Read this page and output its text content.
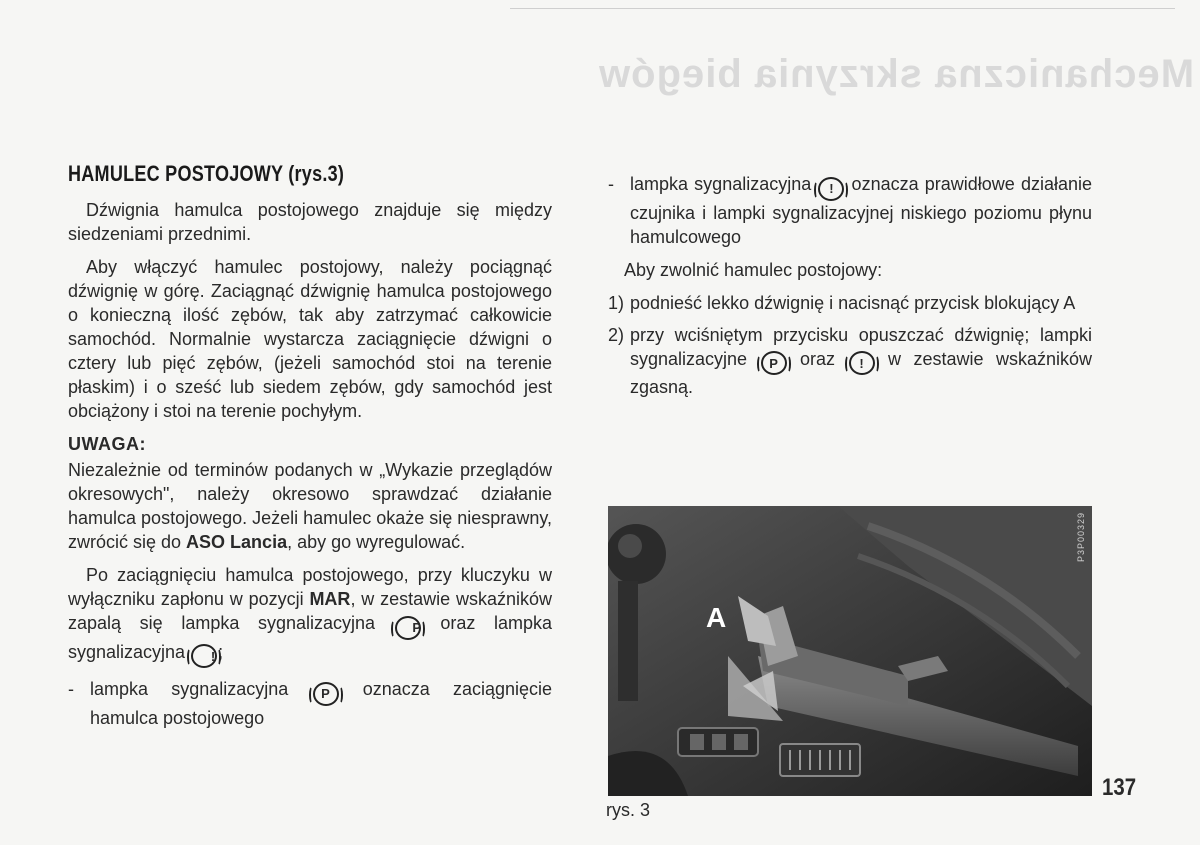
Mechaniczna skrzynia biegów
HAMULEC POSTOJOWY (rys.3)

Dźwignia hamulca postojowego znajduje się między siedzeniami przednimi.

Aby włączyć hamulec postojowy, należy pociągnąć dźwignię w górę. Zaciągnąć dźwignię hamulca postojowego o konieczną ilość zębów, tak aby zatrzymać całkowicie samochód. Normalnie wystarcza zaciągnięcie dźwigni o cztery lub pięć zębów, (jeżeli samochód stoi na terenie płaskim) i o sześć lub siedem zębów, gdy samochód jest obciążony i stoi na terenie pochyłym.

UWAGA:

Niezależnie od terminów podanych w „Wykazie przeglądów okresowych", należy okresowo sprawdzać działanie hamulca postojowego. Jeżeli hamulec okaże się niesprawny, zwrócić się do ASO Lancia, aby go wyregulować.

Po zaciągnięciu hamulca postojowego, przy kluczyku w wyłączniku zapłonu w pozycji MAR, w zestawie wskaźników zapalą się lampka sygnalizacyjna P oraz lampka sygnalizacyjna ! ;

- lampka sygnalizacyjna P oznacza zaciągnięcie hamulca postojowego
- lampka sygnalizacyjna ! oznacza prawidłowe działanie czujnika i lampki sygnalizacyjnej niskiego poziomu płynu hamulcowego

Aby zwolnić hamulec postojowy:

1) podnieść lekko dźwignię i nacisnąć przycisk blokujący A
2) przy wciśniętym przycisku opuszczać dźwignię; lampki sygnalizacyjne P oraz ! w zestawie wskaźników zgasną.
A
P3P00329
rys. 3
137
